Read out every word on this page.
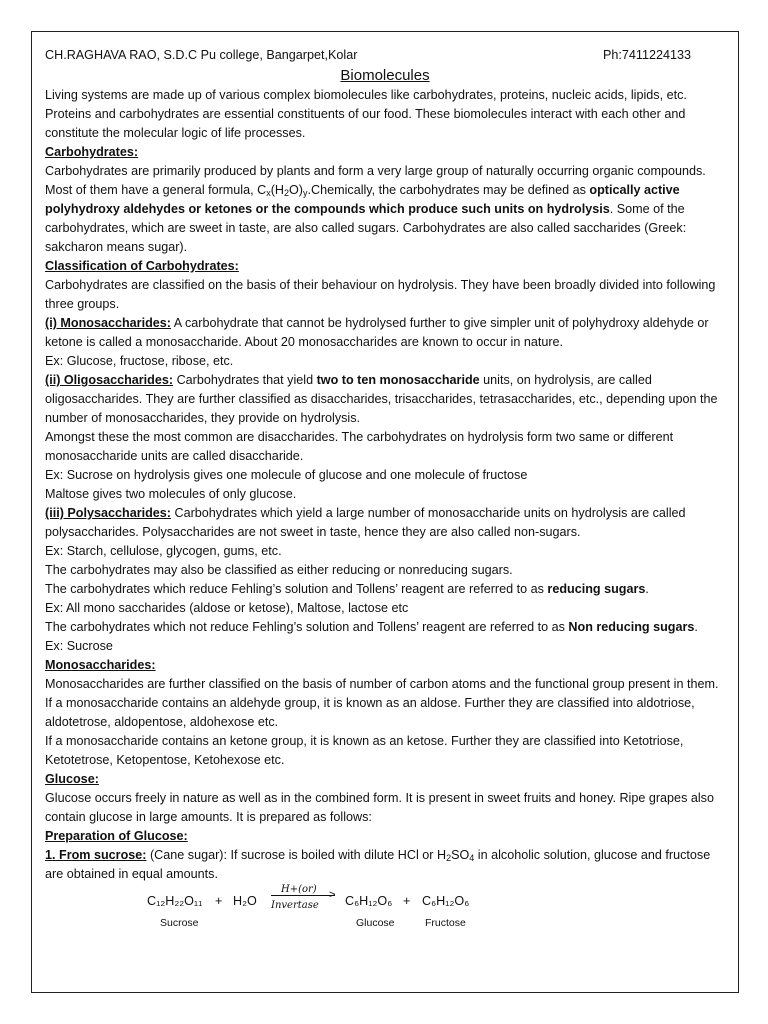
CH.RAGHAVA RAO, S.D.C Pu college, Bangarpet,Kolar	Ph:7411224133
Biomolecules

Living systems are made up of various complex biomolecules like carbohydrates, proteins, nucleic acids, lipids, etc. Proteins and carbohydrates are essential constituents of our food. These biomolecules interact with each other and constitute the molecular logic of life processes.

Carbohydrates:

Carbohydrates are primarily produced by plants and form a very large group of naturally occurring organic compounds. Most of them have a general formula, $C_x(H_2O)_y.Chemically$, the carbohydrates may be defined as optically active polyhydroxy aldehydes or ketones or the compounds which produce such units on hydrolysis. Some of the carbohydrates, which are sweet in taste, are also called sugars. Carbohydrates are also called saccharides (Greek: sakcharon means sugar).

Classification of Carbohydrates:

Carbohydrates are classified on the basis of their behaviour on hydrolysis. They have been broadly divided into following three groups.

(i) Monosaccharides: A carbohydrate that cannot be hydrolysed further to give simpler unit of polyhydroxy aldehyde or ketone is called a monosaccharide. About 20 monosaccharides are known to occur in nature.

Ex: Glucose, fructose, ribose, etc.

(ii) Oligosaccharides: Carbohydrates that yield two to ten monosaccharide units, on hydrolysis, are called oligosaccharides. They are further classified as disaccharides, trisaccharides, tetrasaccharides, etc., depending upon the number of monosaccharides, they provide on hydrolysis.

Amongst these the most common are disaccharides. The carbohydrates on hydrolysis form two same or different monosaccharide units are called disaccharide.

Ex: Sucrose on hydrolysis gives one molecule of glucose and one molecule of fructose

Maltose gives two molecules of only glucose.

(iii) Polysaccharides: Carbohydrates which yield a large number of monosaccharide units on hydrolysis are called polysaccharides. Polysaccharides are not sweet in taste, hence they are also called non-sugars.

Ex: Starch, cellulose, glycogen, gums, etc.

The carbohydrates may also be classified as either reducing or nonreducing sugars.

The carbohydrates which reduce Fehling’s solution and Tollens’ reagent are referred to as reducing sugars.

Ex: All mono saccharides (aldose or ketose), Maltose, lactose etc

The carbohydrates which not reduce Fehling’s solution and Tollens’ reagent are referred to as Non reducing sugars.

Ex: Sucrose

Monosaccharides:

Monosaccharides are further classified on the basis of number of carbon atoms and the functional group present in them.

If a monosaccharide contains an aldehyde group, it is known as an aldose. Further they are classified into aldotriose, aldotetrose, aldopentose, aldohexose etc.

If a monosaccharide contains an ketone group, it is known as an ketose. Further they are classified into Ketotriose, Ketotetrose, Ketopentose, Ketohexose etc.

Glucose:

Glucose occurs freely in nature as well as in the combined form. It is present in sweet fruits and honey. Ripe grapes also contain glucose in large amounts. It is prepared as follows:

Preparation of Glucose:

1. From sucrose: (Cane sugar): If sucrose is boiled with dilute HCl or $H_2SO_4$ in alcoholic solution, glucose and fructose are obtained in equal amounts.

C₁₂H₂₂O₁₁ + H₂O
H+(or) >
Invertase C₆H₁₂O₆ + C₆H₁₂O₆
Sucrose	Glucose	Fructose
